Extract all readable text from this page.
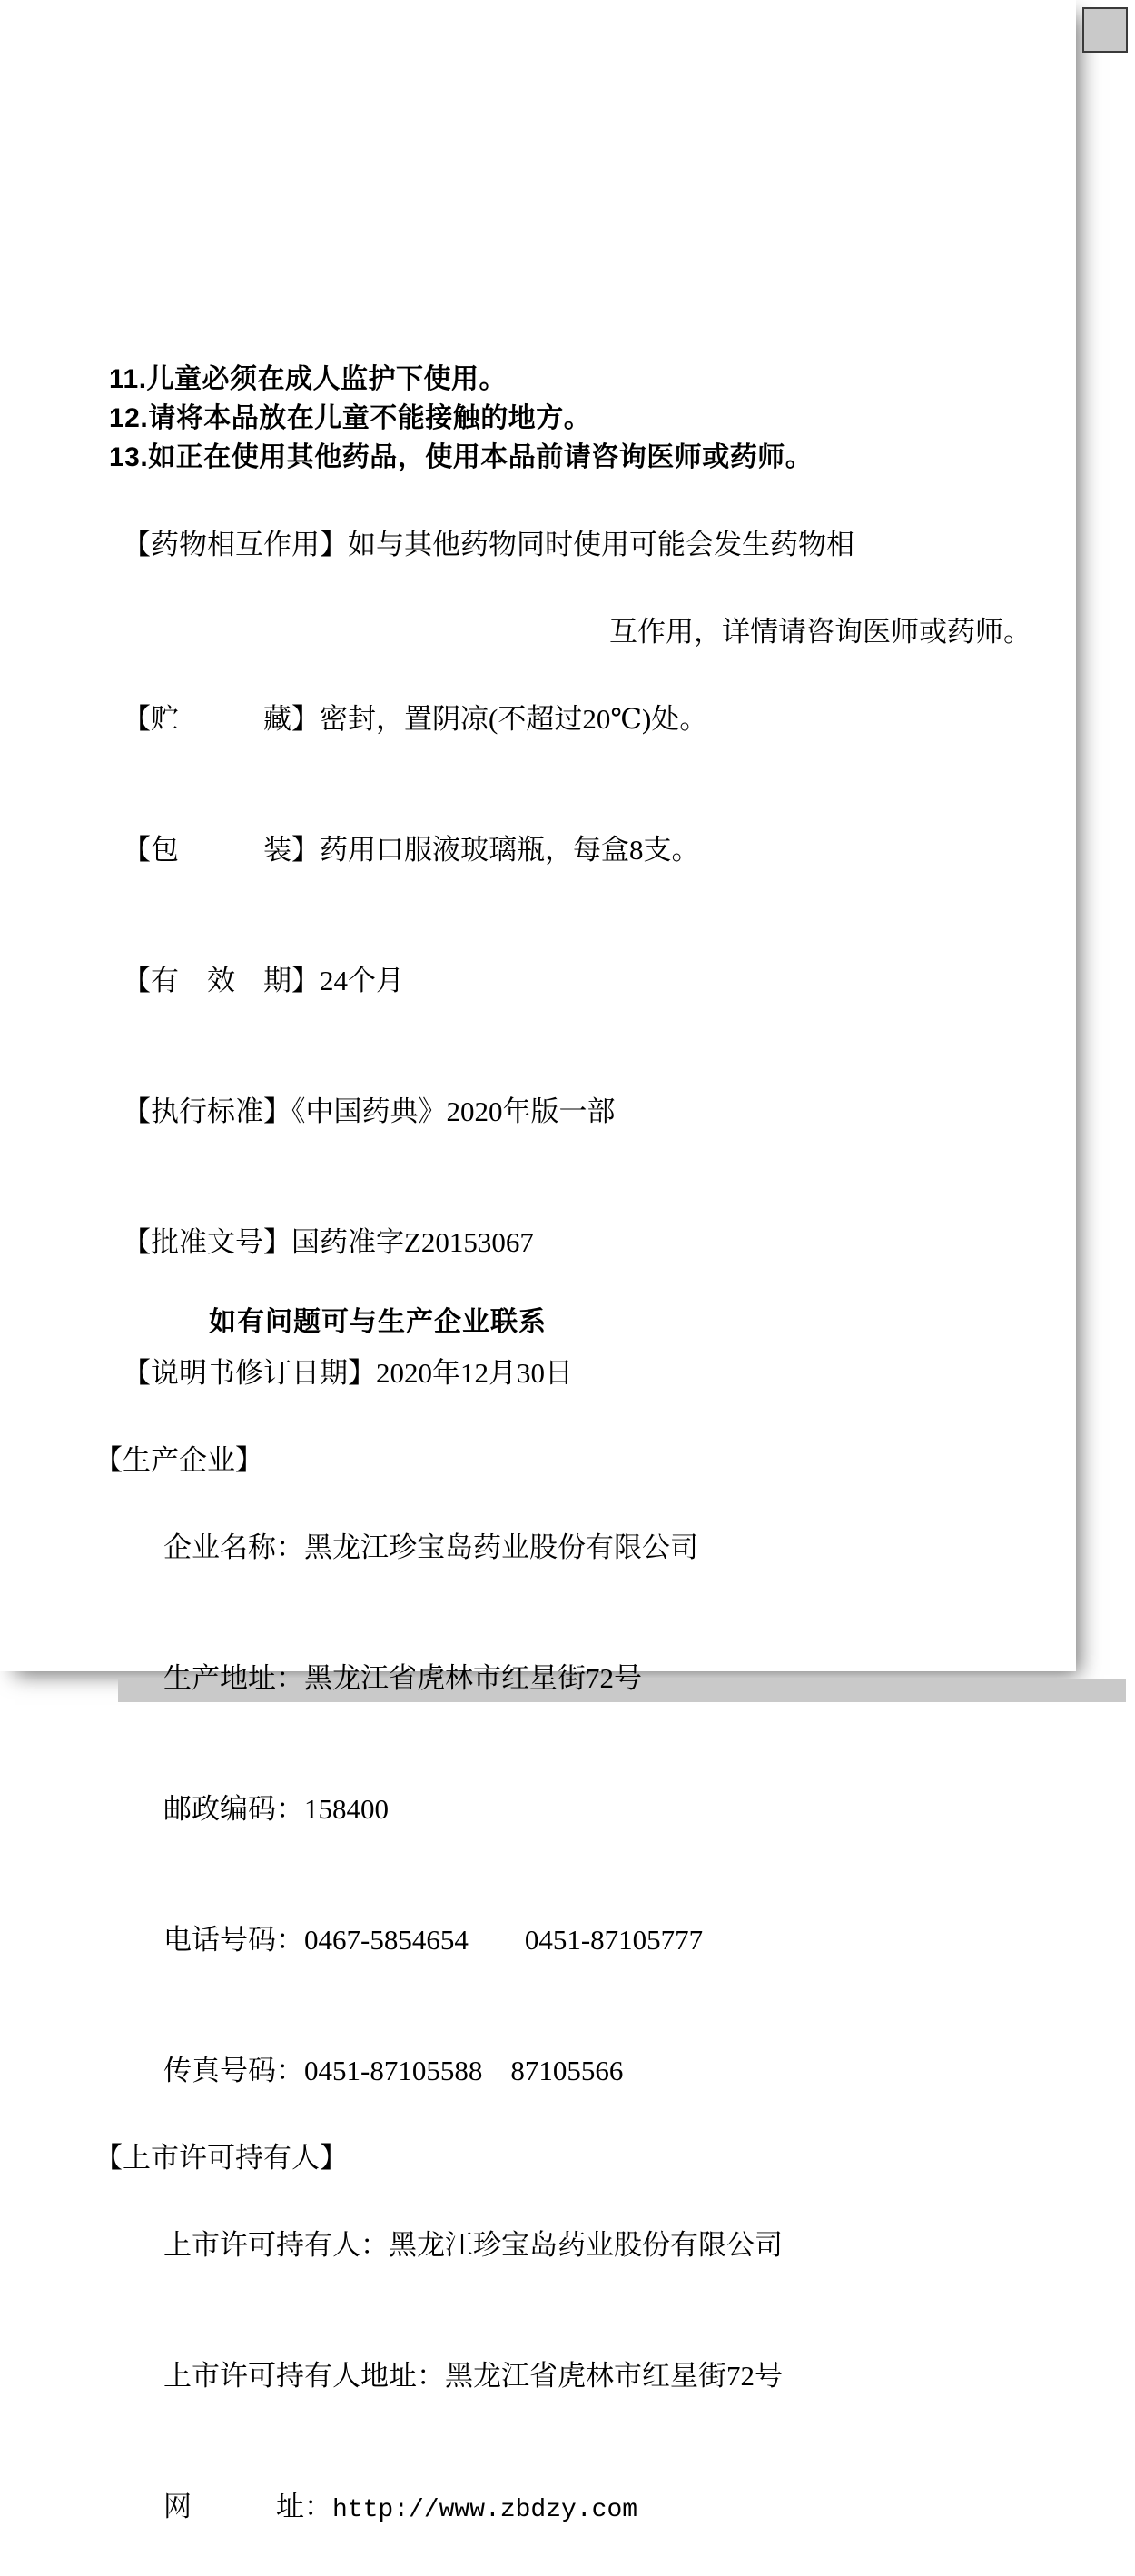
11.儿童必须在成人监护下使用。
12.请将本品放在儿童不能接触的地方。
13.如正在使用其他药品，使用本品前请咨询医师或药师。

【药物相互作用】如与其他药物同时使用可能会发生药物相

互作用，详情请咨询医师或药师。

【贮　　　藏】密封，置阴凉(不超过20℃)处。

【包　　　装】药用口服液玻璃瓶，每盒8支。

【有　效　期】24个月

【执行标准】《中国药典》2020年版一部

【批准文号】国药准字Z20153067

【说明书修订日期】2020年12月30日

【生产企业】

企业名称：黑龙江珍宝岛药业股份有限公司

生产地址：黑龙江省虎林市红星街72号

邮政编码：158400

电话号码：0467-5854654　　0451-87105777

传真号码：0451-87105588　87105566

【上市许可持有人】

上市许可持有人：黑龙江珍宝岛药业股份有限公司

上市许可持有人地址：黑龙江省虎林市红星街72号

网　　　址：http://www.zbdzy.com

如有问题可与生产企业联系
